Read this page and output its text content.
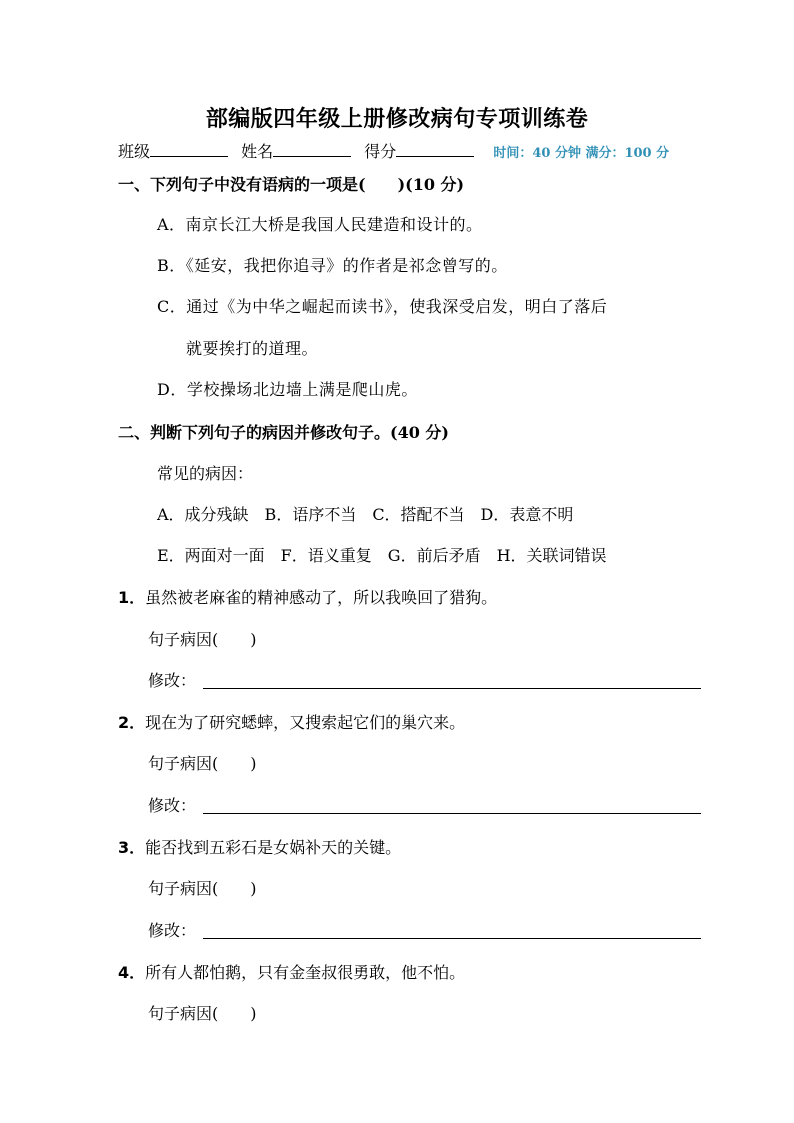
部编版四年级上册修改病句专项训练卷
班级	姓名	得分	时间：40 分钟 满分：100 分
一、下列句子中没有语病的一项是(　　)(10 分)
A．南京长江大桥是我国人民建造和设计的。
B．《延安，我把你追寻》的作者是祁念曾写的。
C．通过《为中华之崛起而读书》，使我深受启发，明白了落后
就要挨打的道理。
D．学校操场北边墙上满是爬山虎。
二、判断下列句子的病因并修改句子。(40 分)
常见的病因：
A．成分残缺　B．语序不当　C．搭配不当　D．表意不明
E．两面对一面　F．语义重复　G．前后矛盾　H．关联词错误
1．虽然被老麻雀的精神感动了，所以我唤回了猎狗。
句子病因(　　)
修改：
2．现在为了研究蟋蟀，又搜索起它们的巢穴来。
句子病因(　　)
修改：
3．能否找到五彩石是女娲补天的关键。
句子病因(　　)
修改：
4．所有人都怕鹅，只有金奎叔很勇敢，他不怕。
句子病因(　　)
